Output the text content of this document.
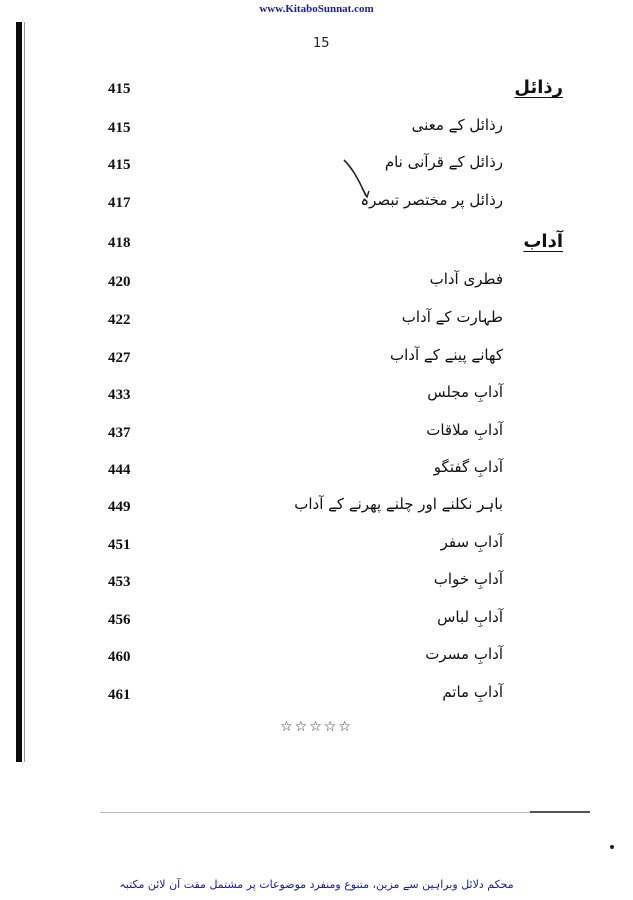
www.KitaboSunnat.com
15
رذائل
415
رذائل کے معنی
415
رذائل کے قرآنی نام
415
رذائل پر مختصر تبصرہ
417
آداب
418
فطری آداب
420
طہارت کے آداب
422
کھانے پینے کے آداب
427
آدابِ مجلس
433
آدابِ ملاقات
437
آدابِ گفتگو
444
باہر نکلنے اور چلنے پھرنے کے آداب
449
آدابِ سفر
451
آدابِ خواب
453
آدابِ لباس
456
آدابِ مسرت
460
آدابِ ماتم
461
☆☆☆☆☆
محکم دلائل وبراہین سے مزین، متنوع ومنفرد موضوعات پر مشتمل مفت آن لائن مکتبہ
